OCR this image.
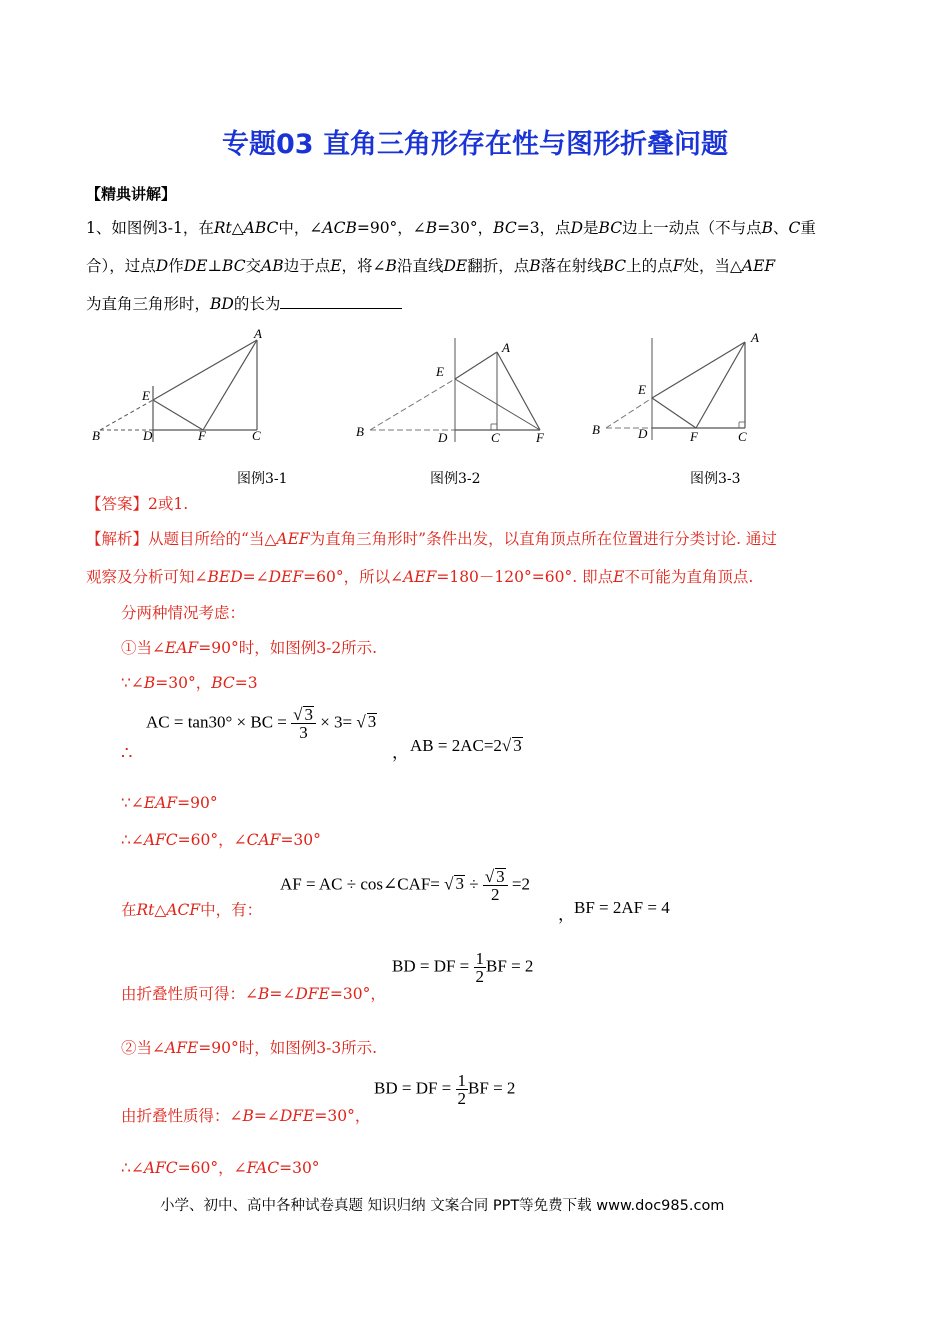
专题03 直角三角形存在性与图形折叠问题
【精典讲解】
1、如图例3-1，在Rt△ABC中，∠ACB=90°，∠B=30°，BC=3，点D是BC边上一动点（不与点B、C重
合），过点D作DE⊥BC交AB边于点E，将∠B沿直线DE翻折，点B落在射线BC上的点F处，当△AEF
为直角三角形时，BD的长为
B	D	F	C
E
A
B	D	C	F
E
A
B	D	F	C
E
A
图例3-1	图例3-2	图例3-3
【答案】2或1.
【解析】从题目所给的“当△AEF为直角三角形时”条件出发，以直角顶点所在位置进行分类讨论. 通过
观察及分析可知∠BED=∠DEF=60°，所以∠AEF=180－120°=60°. 即点E不可能为直角顶点.
分两种情况考虑：
①当∠EAF=90°时，如图例3-2所示.
∵∠B=30°，BC=3
∴
AC = tan30° × BC = $\frac{√ 3}{3} \times 3=$ √ 3
， AB = 2AC=2√ 3
∵∠EAF=90°
∴∠AFC=60°，∠CAF=30°
AF = AC ÷ cos∠CAF= √ $3 \div \frac{√ 3}{2} =2$
， BF = 2AF = 4
在Rt△ACF中，有：
BD = DF = $\frac{1}{2}$ BF = 2
由折叠性质可得：∠B=∠DFE=30°，
②当∠AFE=90°时，如图例3-3所示.
BD = DF = $\frac{1}{2}$ BF = 2
由折叠性质得：∠B=∠DFE=30°，
∴∠AFC=60°，∠FAC=30°
小学、初中、高中各种试卷真题 知识归纳 文案合同 PPT等免费下载 www.doc985.com
